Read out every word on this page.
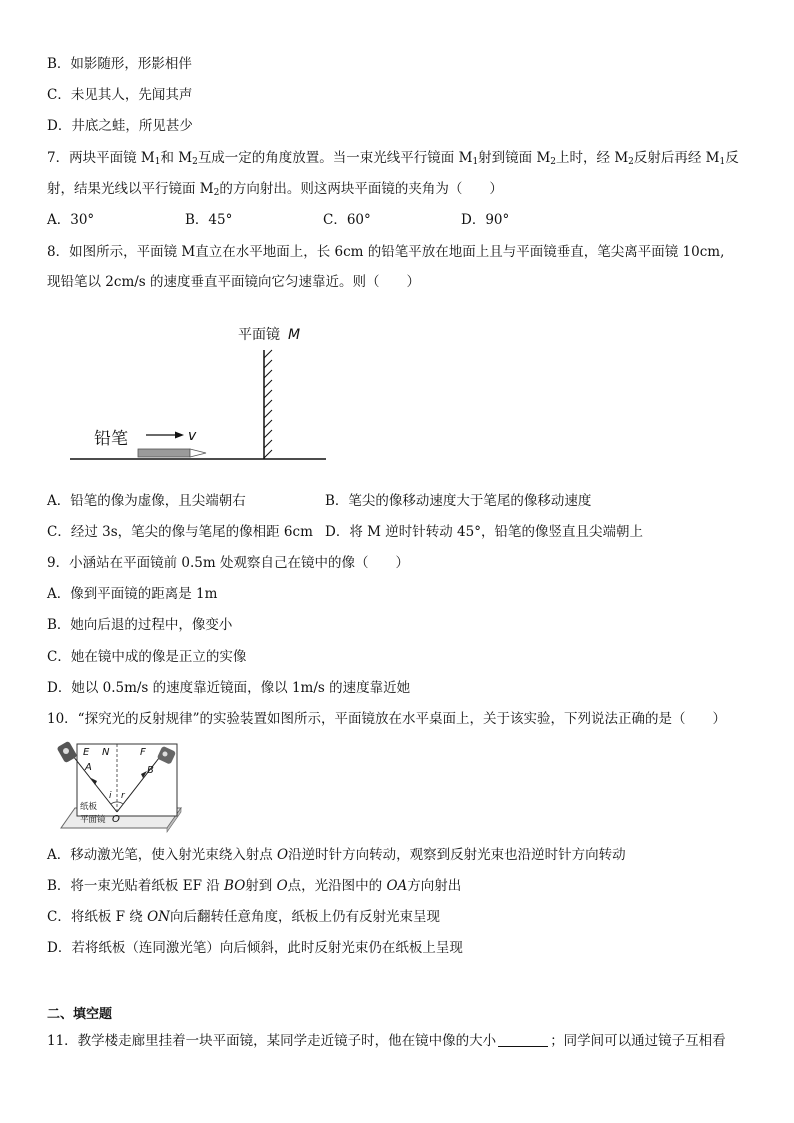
B．如影随形，形影相伴
C．未见其人，先闻其声
D．井底之蛙，所见甚少
7．两块平面镜 $M_1$和 $M_2$互成一定的角度放置。当一束光线平行镜面 $M_1$射到镜面 $M_2$上时，经 $M_2$反射后再经 $M_1$反
射，结果光线以平行镜面 $M_2$的方向射出。则这两块平面镜的夹角为（　　）
A．30°	B．45°	C．60°	D．90°
8．如图所示，平面镜 M直立在水平地面上，长 6cm 的铅笔平放在地面上且与平面镜垂直，笔尖离平面镜 10cm,
现铅笔以 2cm/s 的速度垂直平面镜向它匀速靠近。则（　　）
平面镜 M
铅笔	v
A．铅笔的像为虚像，且尖端朝右	B．笔尖的像移动速度大于笔尾的像移动速度
C．经过 3s，笔尖的像与笔尾的像相距 6cm D．将 M 逆时针转动 45°，铅笔的像竖直且尖端朝上
9．小涵站在平面镜前 0.5m 处观察自己在镜中的像（　　）
A．像到平面镜的距离是 1m
B．她向后退的过程中，像变小
C．她在镜中成的像是正立的实像
D．她以 0.5m/s 的速度靠近镜面，像以 1m/s 的速度靠近她
10．“探究光的反射规律”的实验装置如图所示，平面镜放在水平桌面上，关于该实验，下列说法正确的是（　　）
E N	F
A	B
i r
O
纸板
平面镜
A．移动激光笔，使入射光束绕入射点 O沿逆时针方向转动，观察到反射光束也沿逆时针方向转动
B．将一束光贴着纸板 EF 沿 BO射到 O点，光沿图中的 OA方向射出
C．将纸板 F 绕 ON向后翻转任意角度，纸板上仍有反射光束呈现
D．若将纸板（连同激光笔）向后倾斜，此时反射光束仍在纸板上呈现
二、填空题
11．教学楼走廊里挂着一块平面镜，某同学走近镜子时，他在镜中像的大小	；同学间可以通过镜子互相看
